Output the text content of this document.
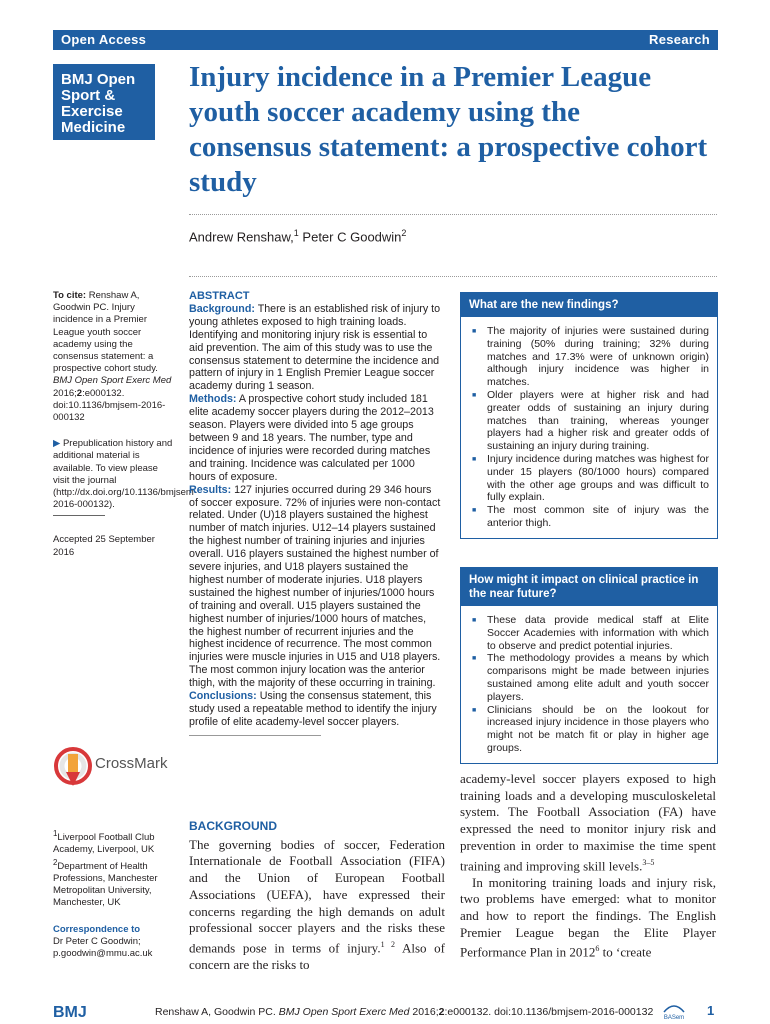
Open Access	Research
BMJ Open
Sport &
Exercise
Medicine
Injury incidence in a Premier League youth soccer academy using the consensus statement: a prospective cohort study
Andrew Renshaw,$^1$ Peter C Goodwin$^2$
To cite: Renshaw A, Goodwin PC. Injury incidence in a Premier League youth soccer academy using the consensus statement: a prospective cohort study. BMJ Open Sport Exerc Med 2016;2:e000132. doi:10.1136/bmjsem-2016-000132
▶ Prepublication history and additional material is available. To view please visit the journal (http://dx.doi.org/10.1136/bmjsem-2016-000132).
Accepted 25 September 2016
CrossMark
$^1$Liverpool Football Club Academy, Liverpool, UK
$^2$Department of Health Professions, Manchester Metropolitan University, Manchester, UK
Correspondence to
Dr Peter C Goodwin;
p.goodwin@mmu.ac.uk
ABSTRACT
Background: There is an established risk of injury to young athletes exposed to high training loads. Identifying and monitoring injury risk is essential to aid prevention. The aim of this study was to use the consensus statement to determine the incidence and pattern of injury in 1 English Premier League soccer academy during 1 season.
Methods: A prospective cohort study included 181 elite academy soccer players during the 2012–2013 season. Players were divided into 5 age groups between 9 and 18 years. The number, type and incidence of injuries were recorded during matches and training. Incidence was calculated per 1000 hours of exposure.
Results: 127 injuries occurred during 29 346 hours of soccer exposure. 72% of injuries were non-contact related. Under (U)18 players sustained the highest number of match injuries. U12–14 players sustained the highest number of training injuries and injuries overall. U16 players sustained the highest number of severe injuries, and U18 players sustained the highest number of moderate injuries. U18 players sustained the highest number of injuries/1000 hours of training and overall. U15 players sustained the highest number of injuries/1000 hours of matches, the highest number of recurrent injuries and the highest incidence of recurrence. The most common injuries were muscle injuries in U15 and U18 players. The most common injury location was the anterior thigh, with the majority of these occurring in training.
Conclusions: Using the consensus statement, this study used a repeatable method to identify the injury profile of elite academy-level soccer players.
What are the new findings?
■ The majority of injuries were sustained during training (50% during training; 32% during matches and 17.3% were of unknown origin) although injury incidence was higher in matches.
■ Older players were at higher risk and had greater odds of sustaining an injury during matches than training, whereas younger players had a higher risk and greater odds of sustaining an injury during training.
■ Injury incidence during matches was highest for under 15 players (80/1000 hours) compared with the other age groups and was difficult to fully explain.
■ The most common site of injury was the anterior thigh.
How might it impact on clinical practice in the near future?
■ These data provide medical staff at Elite Soccer Academies with information with which to observe and predict potential injuries.
■ The methodology provides a means by which comparisons might be made between injuries sustained among elite adult and youth soccer players.
■ Clinicians should be on the lookout for increased injury incidence in those players who might not be match fit or play in higher age groups.
BACKGROUND
The governing bodies of soccer, Federation Internationale de Football Association (FIFA) and the Union of European Football Associations (UEFA), have expressed their concerns regarding the high demands on adult professional soccer players and the risks these demands pose in terms of injury.$^{1 2}$ Also of concern are the risks to
academy-level soccer players exposed to high training loads and a developing musculoskeletal system. The Football Association (FA) have expressed the need to monitor injury risk and prevention in order to maximise the time spent training and improving skill levels.$^{3-5}$
In monitoring training loads and injury risk, two problems have emerged: what to monitor and how to report the findings. The English Premier League began the Elite Player Performance Plan in 2012$^6$ to ‘create
BMJ	Renshaw A, Goodwin PC. BMJ Open Sport Exerc Med 2016;2:e000132. doi:10.1136/bmjsem-2016-000132	BASem 1
